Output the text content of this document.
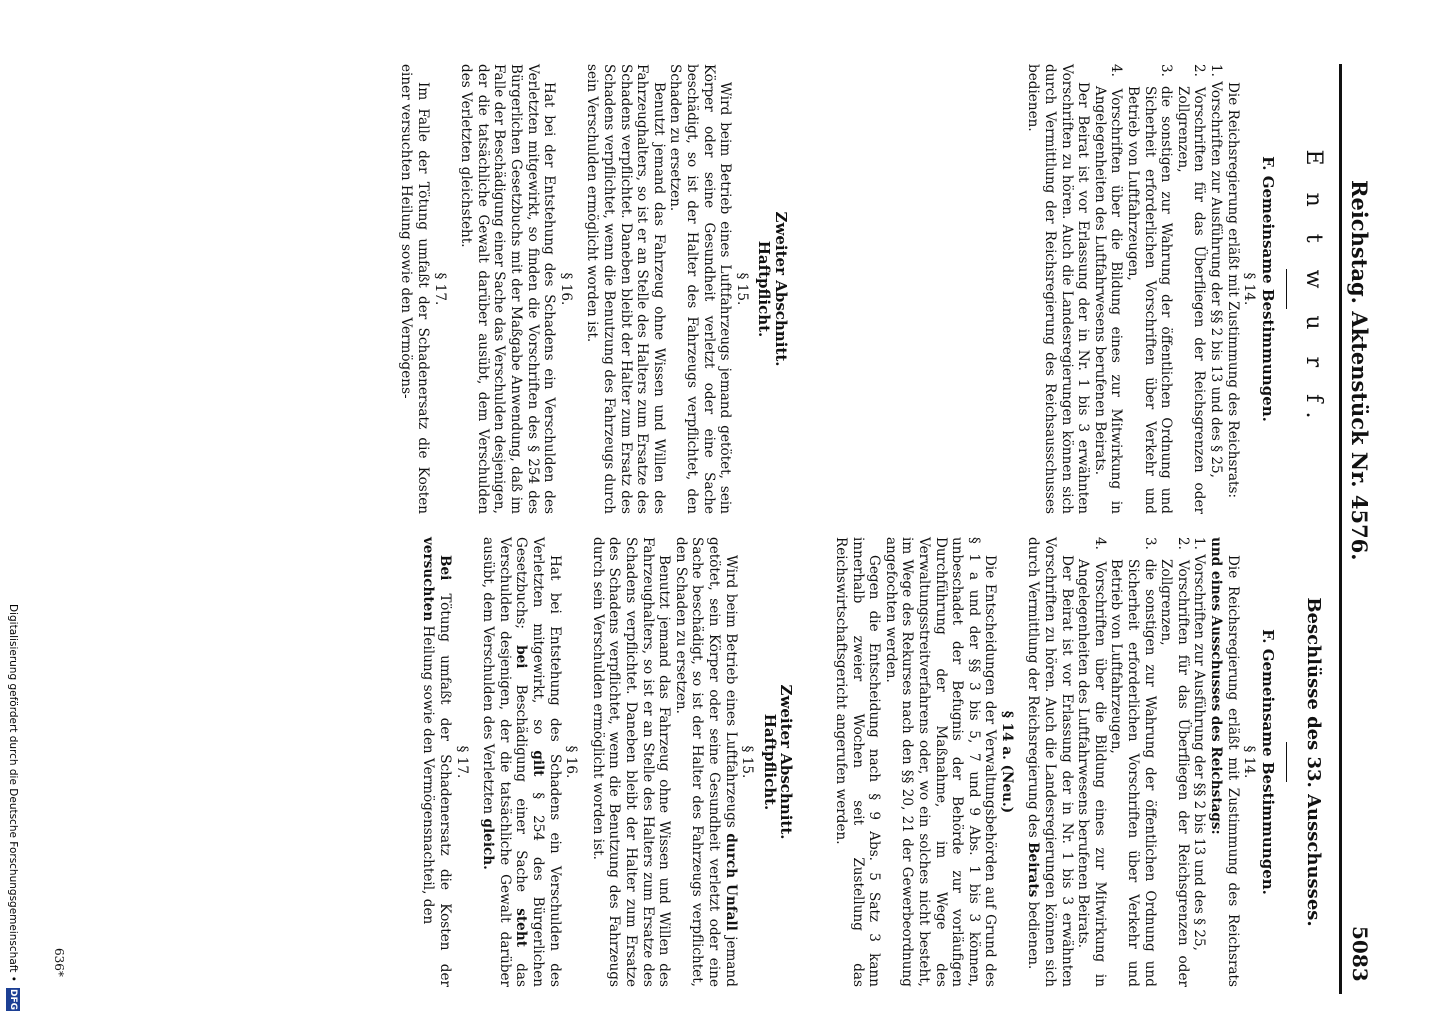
Reichstag. Aktenstück Nr. 4576.
5083
E n t w u r f.
F. Gemeinsame Bestimmungen.
§ 14.

Die Reichsregierung erläßt mit Zustimmung des Reichsrats:

1. Vorschriften zur Ausführung der §§ 2 bis 13 und des § 25,

2. Vorschriften für das Überfliegen der Reichsgrenzen oder Zollgrenzen,

3. die sonstigen zur Wahrung der öffentlichen Ordnung und Sicherheit erforderlichen Vorschriften über Verkehr und Betrieb von Luftfahrzeugen,

4. Vorschriften über die Bildung eines zur Mitwirkung in Angelegenheiten des Luftfahrwesens berufenen Beirats.

Der Beirat ist vor Erlassung der in Nr. 1 bis 3 erwähnten Vorschriften zu hören. Auch die Landesregierungen können sich durch Vermittlung der Reichsregierung des Reichsausschusses bedienen.

Zweiter Abschnitt.
Haftpflicht.
§ 15.

Wird beim Betrieb eines Luftfahrzeugs jemand getötet, sein Körper oder seine Gesundheit verletzt oder eine Sache beschädigt, so ist der Halter des Fahrzeugs verpflichtet, den Schaden zu ersetzen.

Benutzt jemand das Fahrzeug ohne Wissen und Willen des Fahrzeughalters, so ist er an Stelle des Halters zum Ersatze des Schadens verpflichtet. Daneben bleibt der Halter zum Ersatz des Schadens verpflichtet, wenn die Benutzung des Fahrzeugs durch sein Verschulden ermöglicht worden ist.

§ 16.

Hat bei der Entstehung des Schadens ein Verschulden des Verletzten mitgewirkt, so finden die Vorschriften des § 254 des Bürgerlichen Gesetzbuchs mit der Maßgabe Anwendung, daß im Falle der Beschädigung einer Sache das Verschulden desjenigen, der die tatsächliche Gewalt darüber ausübt, dem Verschulden des Verletzten gleichsteht.

§ 17.

Im Falle der Tötung umfaßt der Schadenersatz die Kosten einer versuchten Heilung sowie den Vermögens-

Beschlüsse des 33. Ausschusses.
F. Gemeinsame Bestimmungen.
§ 14.

Die Reichsregierung erläßt mit Zustimmung des Reichsrats und eines Ausschusses des Reichstags:

1. Vorschriften zur Ausführung der §§ 2 bis 13 und des § 25,

2. Vorschriften für das Überfliegen der Reichsgrenzen oder Zollgrenzen,

3. die sonstigen zur Wahrung der öffentlichen Ordnung und Sicherheit erforderlichen Vorschriften über Verkehr und Betrieb von Luftfahrzeugen,

4. Vorschriften über die Bildung eines zur Mitwirkung in Angelegenheiten des Luftfahrwesens berufenen Beirats.

Der Beirat ist vor Erlassung der in Nr. 1 bis 3 erwähnten Vorschriften zu hören. Auch die Landesregierungen können sich durch Vermittlung der Reichsregierung des Beirats bedienen.

§ 14 a. (Neu.)

Die Entscheidungen der Verwaltungsbehörden auf Grund des § 1 a und der §§ 3 bis 5, 7 und 9 Abs. 1 bis 3 können, unbeschadet der Befugnis der Behörde zur vorläufigen Durchführung der Maßnahme, im Wege des Verwaltungsstreitverfahrens oder, wo ein solches nicht besteht, im Wege des Rekurses nach den §§ 20, 21 der Gewerbeordnung angefochten werden.

Gegen die Entscheidung nach § 9 Abs. 5 Satz 3 kann innerhalb zweier Wochen seit Zustellung das Reichswirtschaftsgericht angerufen werden.

Zweiter Abschnitt.
Haftpflicht.
§ 15.

Wird beim Betrieb eines Luftfahrzeugs durch Unfall jemand getötet, sein Körper oder seine Gesundheit verletzt oder eine Sache beschädigt, so ist der Halter des Fahrzeugs verpflichtet, den Schaden zu ersetzen.

Benutzt jemand das Fahrzeug ohne Wissen und Willen des Fahrzeughalters, so ist er an Stelle des Halters zum Ersatze des Schadens verpflichtet. Daneben bleibt der Halter zum Ersatze des Schadens verpflichtet, wenn die Benutzung des Fahrzeugs durch sein Verschulden ermöglicht worden ist.

§ 16.

Hat bei Entstehung des Schadens ein Verschulden des Verletzten mitgewirkt, so gilt § 254 des Bürgerlichen Gesetzbuchs; bei Beschädigung einer Sache steht das Verschulden desjenigen, der die tatsächliche Gewalt darüber ausübt, dem Verschulden des Verletzten gleich.

§ 17.

Bei Tötung umfaßt der Schadenersatz die Kosten der versuchten Heilung sowie den Vermögensnachteil, den

636*
Digitalisierung gefördert durch die Deutsche Forschungsgemeinschaft • DFG
